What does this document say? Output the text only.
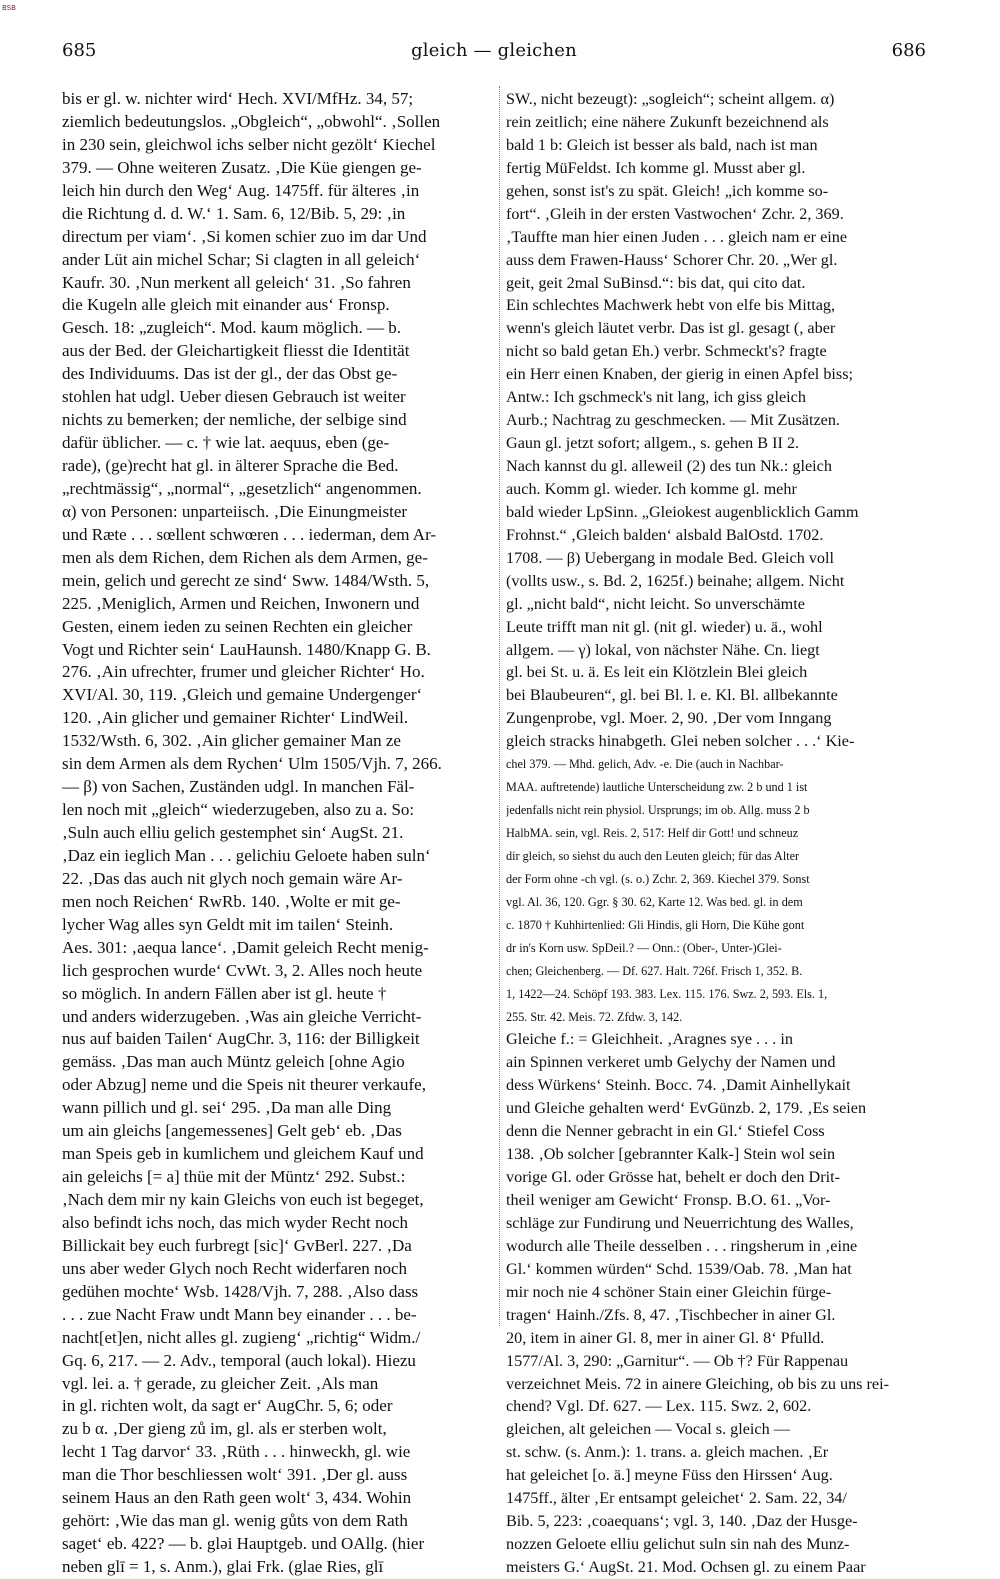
BSB
685	gleich — gleichen	686
bis er gl. w. nichter wird‘ Hech. XVI/MfHz. 34, 57;
ziemlich bedeutungslos. „Obgleich“, „obwohl“. ‚Sollen
in 230 sein, gleichwol ichs selber nicht gezölt‘ Kiechel
379. — Ohne weiteren Zusatz. ‚Die Küe giengen ge-
leich hin durch den Weg‘ Aug. 1475ff. für älteres ‚in
die Richtung d. d. W.‘ 1. Sam. 6, 12/Bib. 5, 29: ‚in
directum per viam‘. ‚Si komen schier zuo im dar Und
ander Lüt ain michel Schar; Si clagten in all geleich‘
Kaufr. 30. ‚Nun merkent all geleich‘ 31. ‚So fahren
die Kugeln alle gleich mit einander aus‘ Fronsp.
Gesch. 18: „zugleich“. Mod. kaum möglich. — b.
aus der Bed. der Gleichartigkeit fliesst die Identität
des Individuums. Das ist der gl., der das Obst ge-
stohlen hat udgl. Ueber diesen Gebrauch ist weiter
nichts zu bemerken; der nemliche, der selbige sind
dafür üblicher. — c. † wie lat. aequus, eben (ge-
rade), (ge)recht hat gl. in älterer Sprache die Bed.
„rechtmässig“, „normal“, „gesetzlich“ angenommen.
α) von Personen: unparteiisch. ‚Die Einungmeister
und Ræte . . . sœllent schwœren . . . iederman, dem Ar-
men als dem Richen, dem Richen als dem Armen, ge-
mein, gelich und gerecht ze sind‘ Sww. 1484/Wsth. 5,
225. ‚Meniglich, Armen und Reichen, Inwonern und
Gesten, einem ieden zu seinen Rechten ein gleicher
Vogt und Richter sein‘ LauHaunsh. 1480/Knapp G. B.
276. ‚Ain ufrechter, frumer und gleicher Richter‘ Ho.
XVI/Al. 30, 119. ‚Gleich und gemaine Undergenger‘
120. ‚Ain glicher und gemainer Richter‘ LindWeil.
1532/Wsth. 6, 302. ‚Ain glicher gemainer Man ze
sin dem Armen als dem Rychen‘ Ulm 1505/Vjh. 7, 266.
— β) von Sachen, Zuständen udgl. In manchen Fäl-
len noch mit „gleich“ wiederzugeben, also zu a. So:
‚Suln auch elliu gelich gestemphet sin‘ AugSt. 21.
‚Daz ein ieglich Man . . . gelichiu Geloete haben suln‘
22. ‚Das das auch nit glych noch gemain wäre Ar-
men noch Reichen‘ RwRb. 140. ‚Wolte er mit ge-
lycher Wag alles syn Geldt mit im tailen‘ Steinh.
Aes. 301: ‚aequa lance‘. ‚Damit geleich Recht menig-
lich gesprochen wurde‘ CvWt. 3, 2. Alles noch heute
so möglich. In andern Fällen aber ist gl. heute †
und anders widerzugeben. ‚Was ain gleiche Verricht-
nus auf baiden Tailen‘ AugChr. 3, 116: der Billigkeit
gemäss. ‚Das man auch Müntz geleich [ohne Agio
oder Abzug] neme und die Speis nit theurer verkaufe,
wann pillich und gl. sei‘ 295. ‚Da man alle Ding
um ain gleichs [angemessenes] Gelt geb‘ eb. ‚Das
man Speis geb in kumlichem und gleichem Kauf und
ain geleichs [= a] thüe mit der Müntz‘ 292. Subst.:
‚Nach dem mir ny kain Gleichs von euch ist begeget,
also befindt ichs noch, das mich wyder Recht noch
Billickait bey euch furbregt [sic]‘ GvBerl. 227. ‚Da
uns aber weder Glych noch Recht widerfaren noch
gedühen mochte‘ Wsb. 1428/Vjh. 7, 288. ‚Also dass
. . . zue Nacht Fraw undt Mann bey einander . . . be-
nacht[et]en, nicht alles gl. zugieng‘ „richtig“ Widm./
Gq. 6, 217. — 2. Adv., temporal (auch lokal). Hiezu
vgl. lei. a. † gerade, zu gleicher Zeit. ‚Als man
in gl. richten wolt, da sagt er‘ AugChr. 5, 6; oder
zu b α. ‚Der gieng zů im, gl. als er sterben wolt,
lecht 1 Tag darvor‘ 33. ‚Rüth . . . hinweckh, gl. wie
man die Thor beschliessen wolt‘ 391. ‚Der gl. auss
seinem Haus an den Rath geen wolt‘ 3, 434. Wohin
gehört: ‚Wie das man gl. wenig gůts von dem Rath
saget‘ eb. 422? — b. gləi Hauptgeb. und OAllg. (hier
neben glī = 1, s. Anm.), glai Frk. (glae Ries, glī
SW., nicht bezeugt): „sogleich“; scheint allgem. α)
rein zeitlich; eine nähere Zukunft bezeichnend als
bald 1 b: Gleich ist besser als bald, nach ist man
fertig MüFeldst. Ich komme gl. Musst aber gl.
gehen, sonst ist's zu spät. Gleich! „ich komme so-
fort“. ‚Gleih in der ersten Vastwochen‘ Zchr. 2, 369.
‚Tauffte man hier einen Juden . . . gleich nam er eine
auss dem Frawen-Hauss‘ Schorer Chr. 20. „Wer gl.
geit, geit 2mal SuBinsd.“: bis dat, qui cito dat.
Ein schlechtes Machwerk hebt von elfe bis Mittag,
wenn's gleich läutet verbr. Das ist gl. gesagt (, aber
nicht so bald getan Eh.) verbr. Schmeckt's? fragte
ein Herr einen Knaben, der gierig in einen Apfel biss;
Antw.: Ich gschmeck's nit lang, ich giss gleich
Aurb.; Nachtrag zu geschmecken. — Mit Zusätzen.
Gaun gl. jetzt sofort; allgem., s. gehen B II 2.
Nach kannst du gl. alleweil (2) des tun Nk.: gleich
auch. Komm gl. wieder. Ich komme gl. mehr
bald wieder LpSinn. „Gleiokest augenblicklich Gamm
Frohnst.“ ‚Gleich balden‘ alsbald BalOstd. 1702.
1708. — β) Uebergang in modale Bed. Gleich voll
(vollts usw., s. Bd. 2, 1625f.) beinahe; allgem. Nicht
gl. „nicht bald“, nicht leicht. So unverschämte
Leute trifft man nit gl. (nit gl. wieder) u. ä., wohl
allgem. — γ) lokal, von nächster Nähe. Cn. liegt
gl. bei St. u. ä. Es leit ein Klötzlein Blei gleich
bei Blaubeuren“, gl. bei Bl. l. e. Kl. Bl. allbekannte
Zungenprobe, vgl. Moer. 2, 90. ‚Der vom Inngang
gleich stracks hinabgeth. Glei neben solcher . . .‘ Kie-
chel 379. — Mhd. gelich, Adv. -e. Die (auch in Nachbar-
MAA. auftretende) lautliche Unterscheidung zw. 2 b und 1 ist
jedenfalls nicht rein physiol. Ursprungs; im ob. Allg. muss 2 b
HalbMA. sein, vgl. Reis. 2, 517: Helf dir Gott! und schneuz
dir gleich, so siehst du auch den Leuten gleich; für das Alter
der Form ohne -ch vgl. (s. o.) Zchr. 2, 369. Kiechel 379. Sonst
vgl. Al. 36, 120. Ggr. § 30. 62, Karte 12. Was bed. gl. in dem
c. 1870 † Kuhhirtenlied: Gli Hindis, gli Horn, Die Kühe gont
dr in's Korn usw. SpDeil.? — Onn.: (Ober-, Unter-)Glei-
chen; Gleichenberg. — Df. 627. Halt. 726f. Frisch 1, 352. B.
1, 1422—24. Schöpf 193. 383. Lex. 115. 176. Swz. 2, 593. Els. 1,
255. Str. 42. Meis. 72. Zfdw. 3, 142.
Gleiche f.: = Gleichheit. ‚Aragnes sye . . . in
ain Spinnen verkeret umb Gelychy der Namen und
dess Würkens‘ Steinh. Bocc. 74. ‚Damit Ainhellykait
und Gleiche gehalten werd‘ EvGünzb. 2, 179. ‚Es seien
denn die Nenner gebracht in ein Gl.‘ Stiefel Coss
138. ‚Ob solcher [gebrannter Kalk-] Stein wol sein
vorige Gl. oder Grösse hat, behelt er doch den Drit-
theil weniger am Gewicht‘ Fronsp. B.O. 61. „Vor-
schläge zur Fundirung und Neuerrichtung des Walles,
wodurch alle Theile desselben . . . ringsherum in ‚eine
Gl.‘ kommen würden“ Schd. 1539/Oab. 78. ‚Man hat
mir noch nie 4 schöner Stain einer Gleichin fürge-
tragen‘ Hainh./Zfs. 8, 47. ‚Tischbecher in ainer Gl.
20, item in ainer Gl. 8, mer in ainer Gl. 8‘ Pfulld.
1577/Al. 3, 290: „Garnitur“. — Ob †? Für Rappenau
verzeichnet Meis. 72 in ainere Gleiching, ob bis zu uns rei-
chend? Vgl. Df. 627. — Lex. 115. Swz. 2, 602.
gleichen, alt geleichen — Vocal s. gleich —
st. schw. (s. Anm.): 1. trans. a. gleich machen. ‚Er
hat geleichet [o. ä.] meyne Füss den Hirssen‘ Aug.
1475ff., älter ‚Er entsampt geleichet‘ 2. Sam. 22, 34/
Bib. 5, 223: ‚coaequans‘; vgl. 3, 140. ‚Daz der Husge-
nozzen Geloete elliu gelichut suln sin nah des Munz-
meisters G.‘ AugSt. 21. Mod. Ochsen gl. zu einem Paar
